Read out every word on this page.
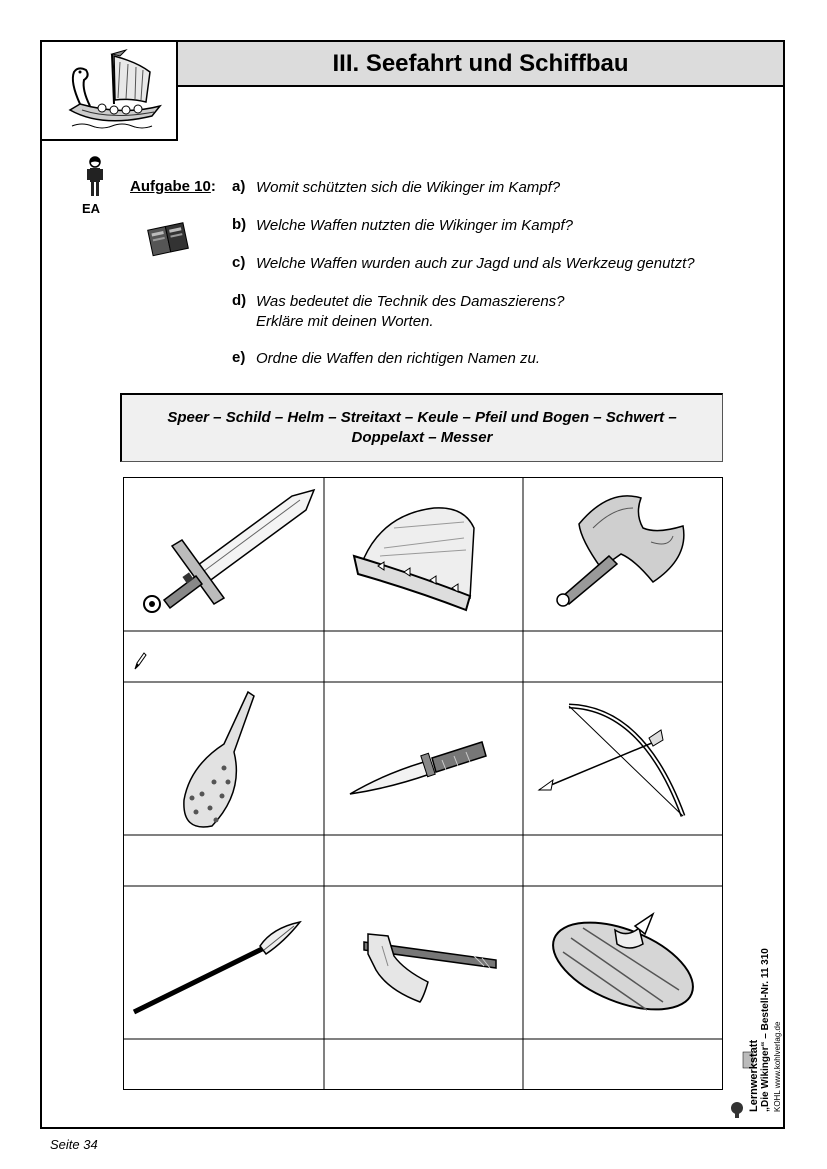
III. Seefahrt und Schiffbau
EA
Aufgabe 10: a) Womit schützten sich die Wikinger im Kampf?
b) Welche Waffen nutzten die Wikinger im Kampf?
c) Welche Waffen wurden auch zur Jagd und als Werkzeug genutzt?
d) Was bedeutet die Technik des Damaszierens?
Erkläre mit deinen Worten.
e) Ordne die Waffen den richtigen Namen zu.
Speer – Schild – Helm – Streitaxt – Keule – Pfeil und Bogen – Schwert –
Doppelaxt – Messer
Lernwerkstatt „Die Wikinger“ – Bestell-Nr. 11 310 KOHL www.kohlverlag.de
Seite 34
